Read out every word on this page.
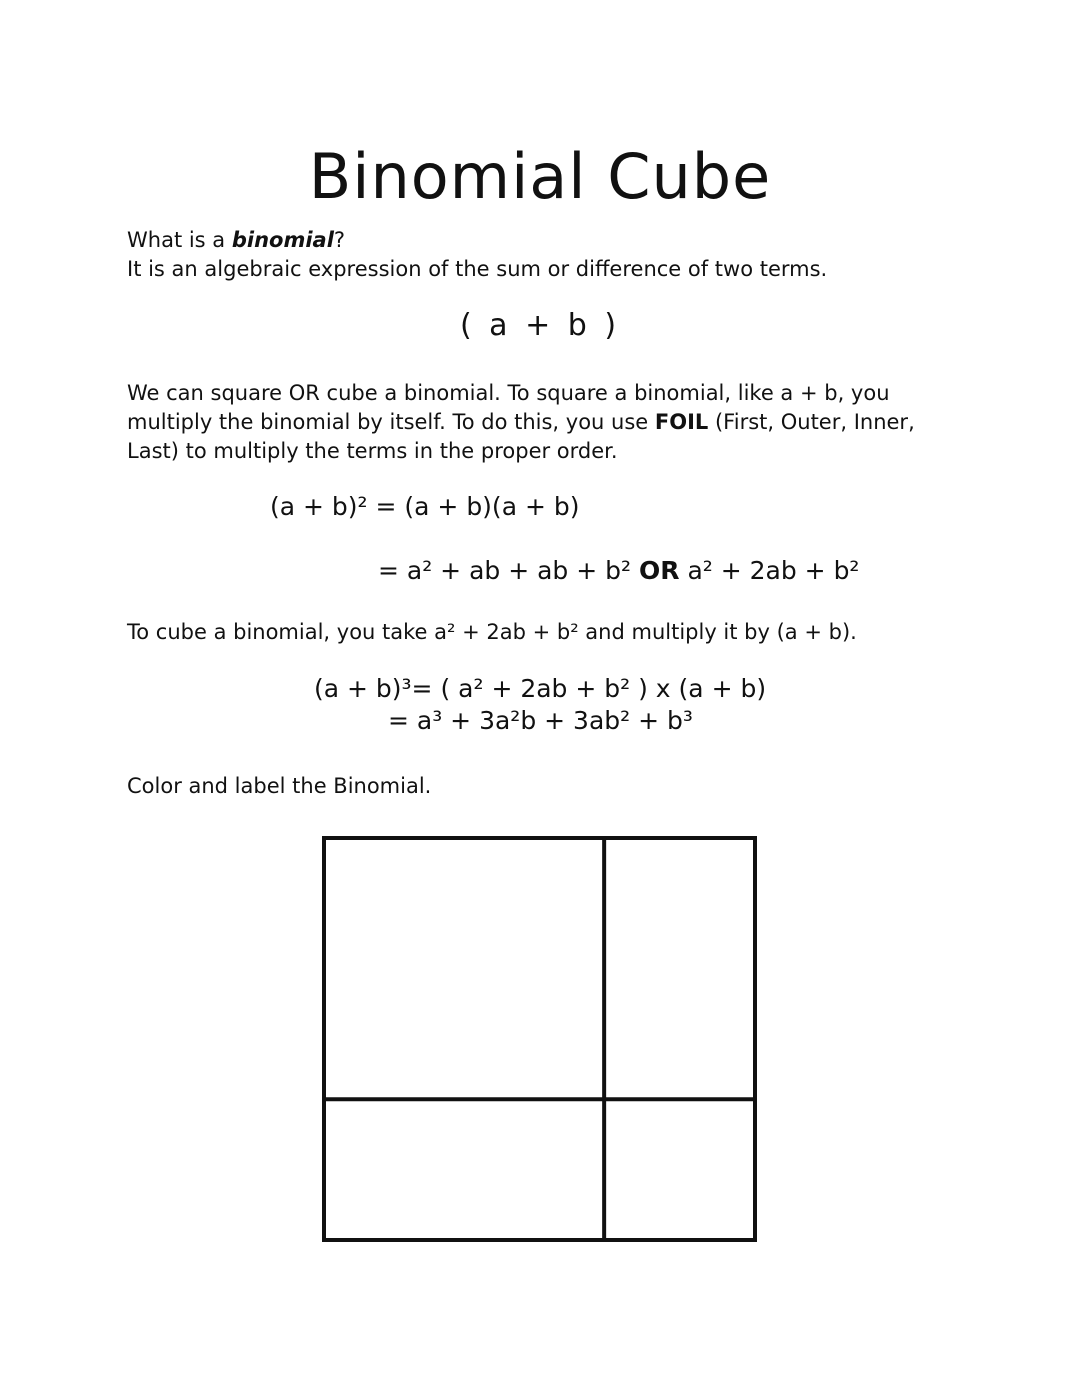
Binomial Cube
What is a binomial?
It is an algebraic expression of the sum or difference of two terms.
( a + b )
We can square OR cube a binomial. To square a binomial, like a + b, you multiply the binomial by itself. To do this, you use FOIL (First, Outer, Inner, Last) to multiply the terms in the proper order.
(a + b)² = (a + b)(a + b)
= a² + ab + ab + b² OR a² + 2ab + b²
To cube a binomial, you take a² + 2ab + b² and multiply it by (a + b).
(a + b)³= ( a² + 2ab + b² ) x (a + b)
= a³ + 3a²b + 3ab² + b³
Color and label the Binomial.
